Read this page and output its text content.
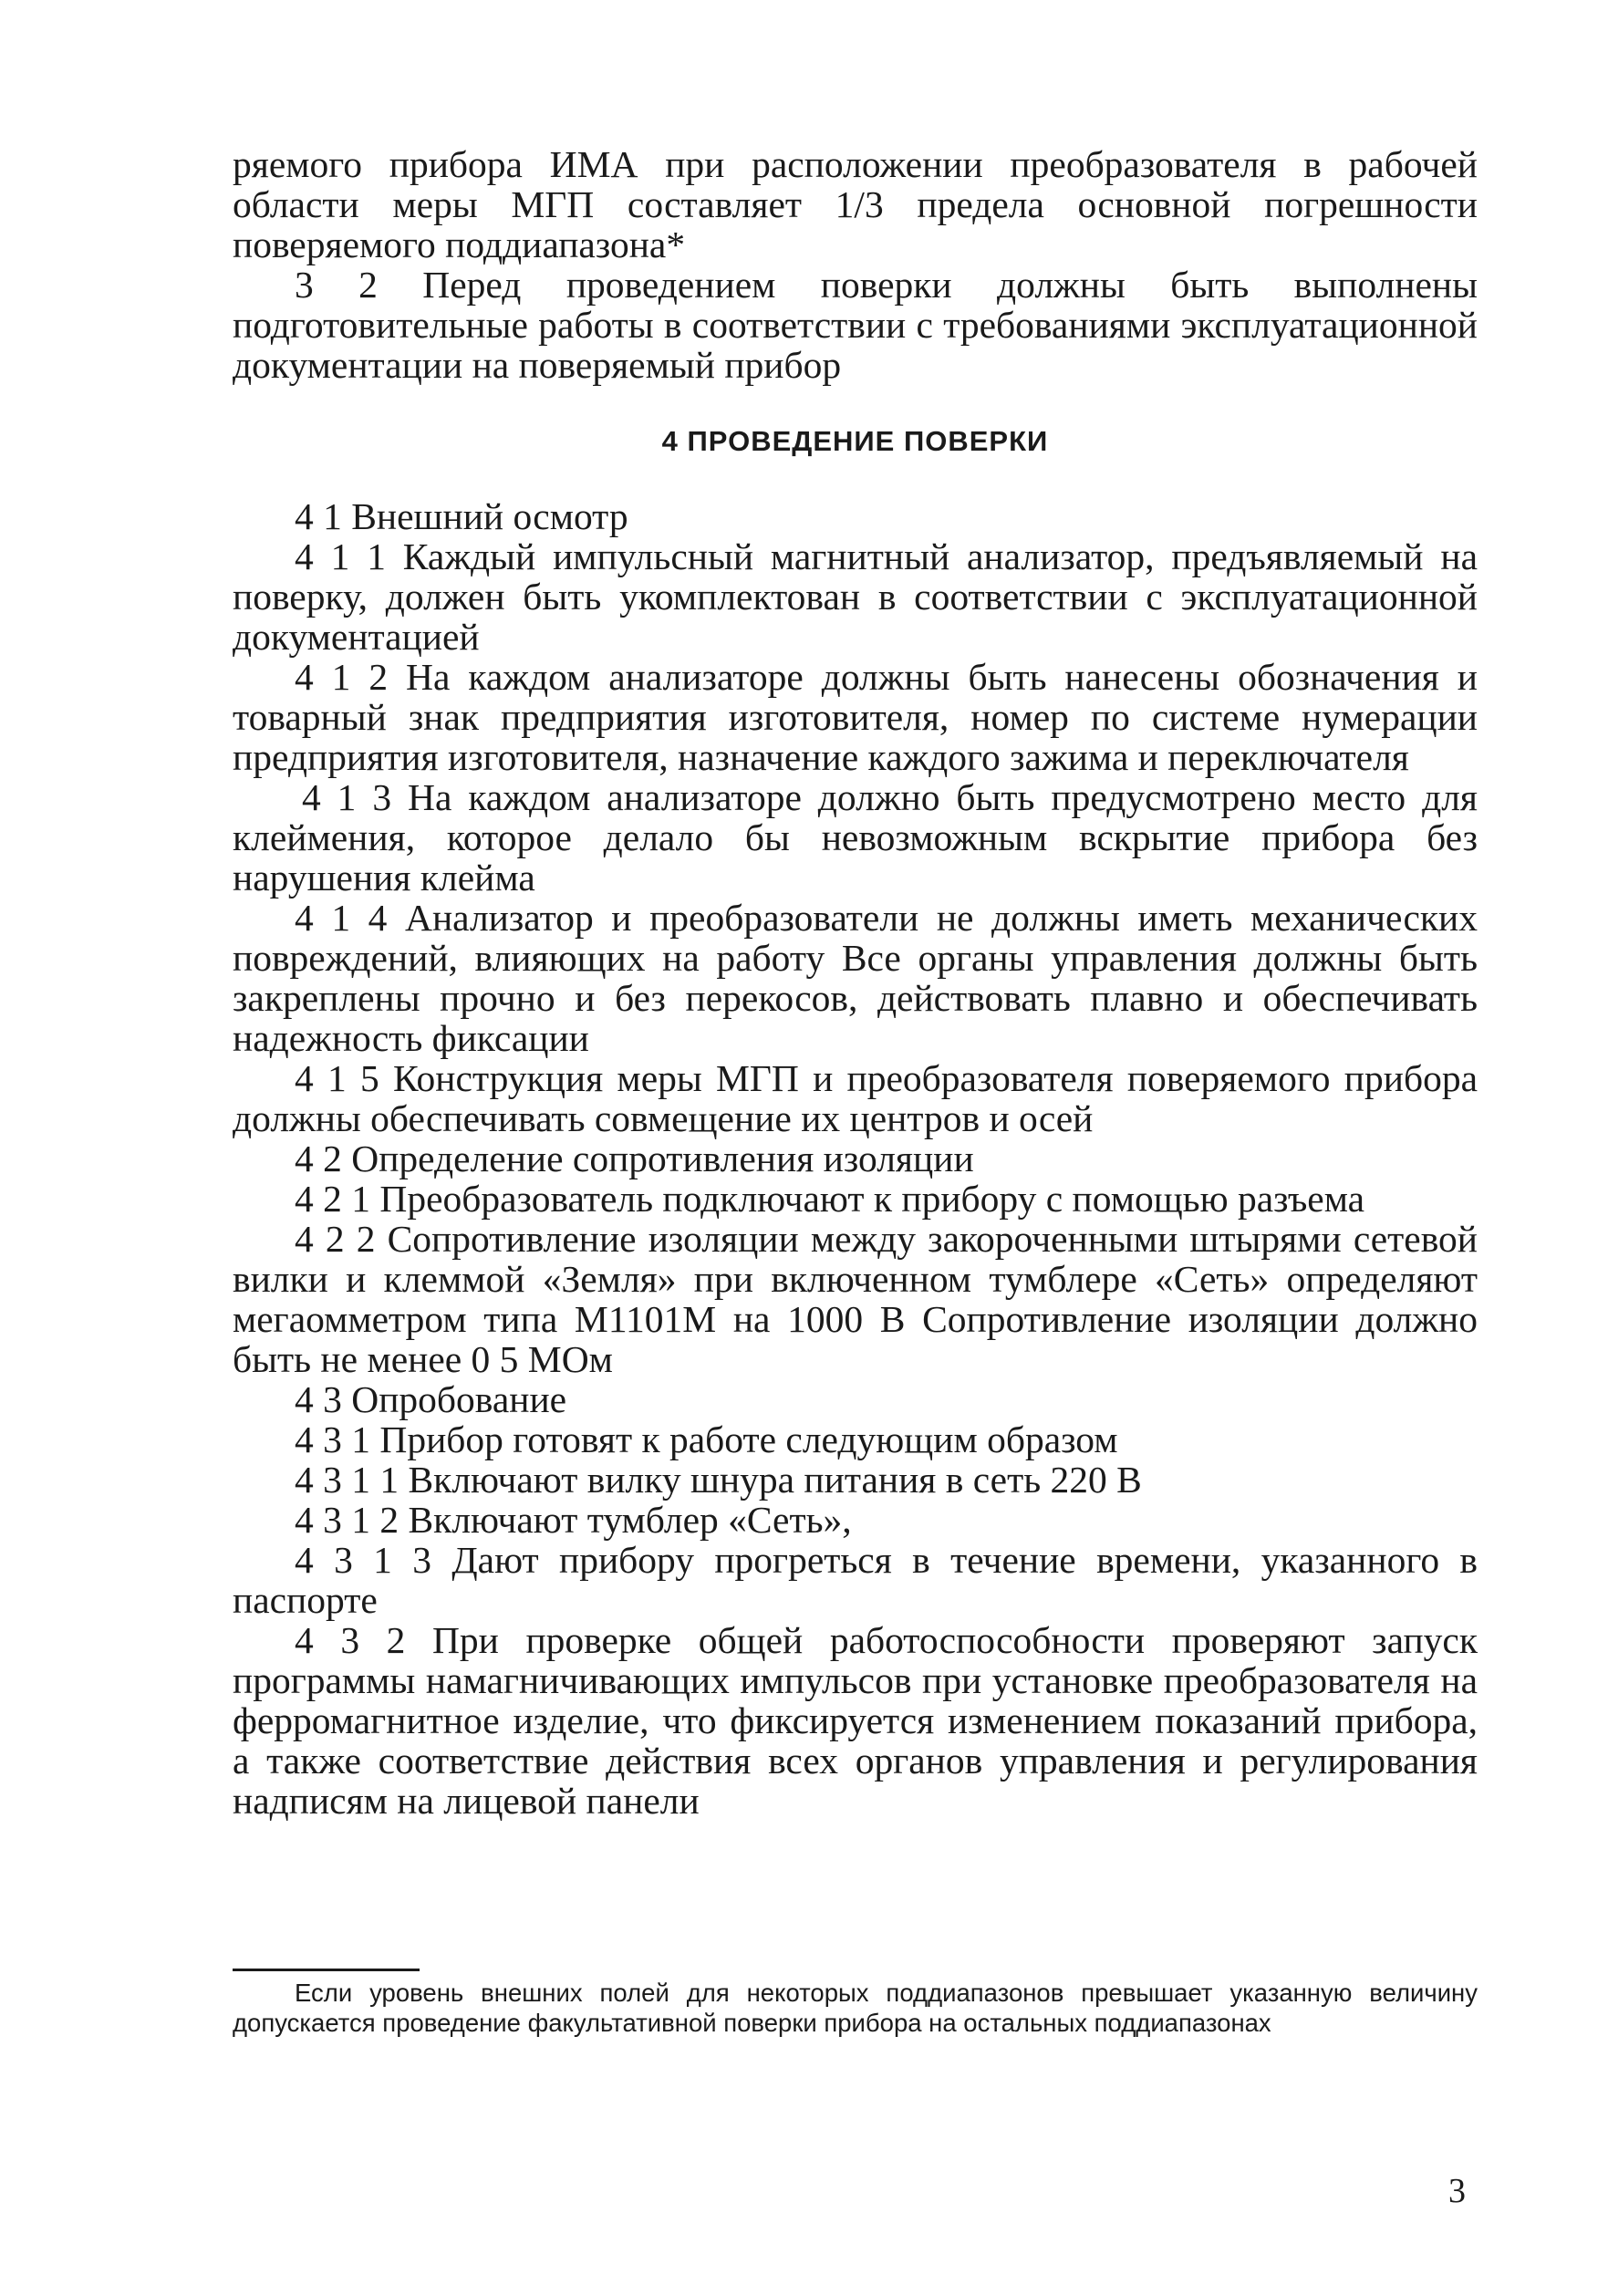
ряемого прибора ИМА при расположении преобразователя в рабочей области меры МГП составляет 1/3 предела основной погрешности поверяемого поддиапазона*

3 2 Перед проведением поверки должны быть выполнены подготовительные работы в соответствии с требованиями эксплуатационной документации на поверяемый прибор

4 ПРОВЕДЕНИЕ ПОВЕРКИ

4 1 Внешний осмотр

4 1 1 Каждый импульсный магнитный анализатор, предъявляемый на поверку, должен быть укомплектован в соответствии с эксплуатационной документацией

4 1 2 На каждом анализаторе должны быть нанесены обозначения и товарный знак предприятия изготовителя, номер по системе нумерации предприятия изготовителя, назначение каждого зажима и переключателя

4 1 3 На каждом анализаторе должно быть предусмотрено место для клеймения, которое делало бы невозможным вскрытие прибора без нарушения клейма

4 1 4 Анализатор и преобразователи не должны иметь механических повреждений, влияющих на работу Все органы управления должны быть закреплены прочно и без перекосов, действовать плавно и обеспечивать надежность фиксации

4 1 5 Конструкция меры МГП и преобразователя поверяемого прибора должны обеспечивать совмещение их центров и осей

4 2 Определение сопротивления изоляции

4 2 1 Преобразователь подключают к прибору с помощью разъема

4 2 2 Сопротивление изоляции между закороченными штырями сетевой вилки и клеммой «Земля» при включенном тумблере «Сеть» определяют мегаомметром типа М1101М на 1000 В Сопротивление изоляции должно быть не менее 0 5 МОм

4 3 Опробование

4 3 1 Прибор готовят к работе следующим образом

4 3 1 1 Включают вилку шнура питания в сеть 220 В

4 3 1 2 Включают тумблер «Сеть»,

4 3 1 3 Дают прибору прогреться в течение времени, указанного в паспорте

4 3 2 При проверке общей работоспособности проверяют запуск программы намагничивающих импульсов при установке преобразователя на ферромагнитное изделие, что фиксируется изменением показаний прибора, а также соответствие действия всех органов управления и регулирования надписям на лицевой панели

Если уровень внешних полей для некоторых поддиапазонов превышает указанную величину допускается проведение факультативной поверки прибора на остальных поддиапазонах

3
